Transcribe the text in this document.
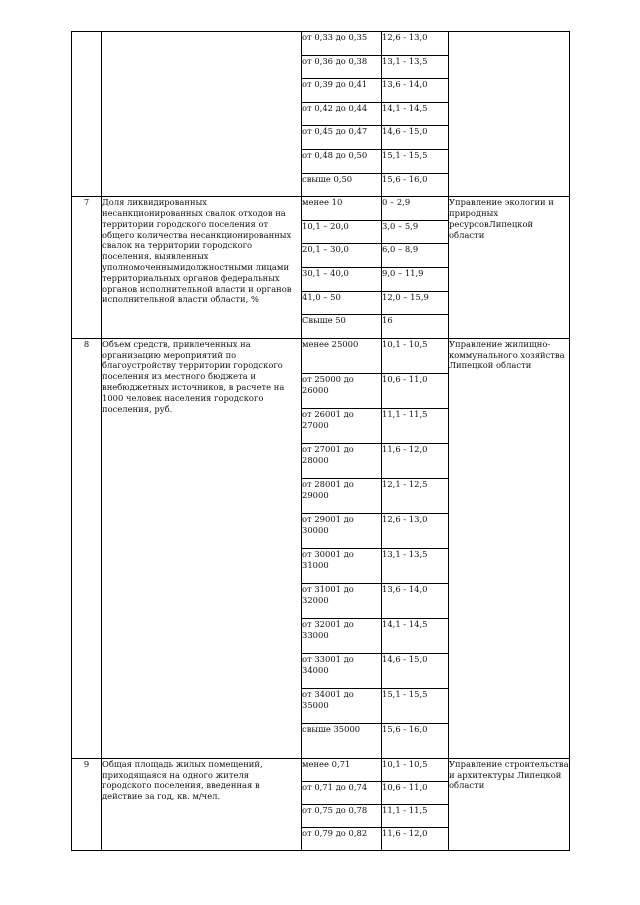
		от 0,33 до 0,35	12,6 - 13,0	
		от 0,36 до 0,38	13,1 - 13,5	
		от 0,39 до 0,41	13,6 - 14,0	
		от 0,42 до 0,44	14,1 - 14,5	
		от 0,45 до 0,47	14,6 - 15,0	
		от 0,48 до 0,50	15,1 - 15,5	
		свыше 0,50	15,6 - 16,0	
7	Доля ликвидированных несанкционированных свалок отходов на территории городского поселения от общего количества несанкционированных свалок на территории городского поселения, выявленных уполномоченнымидолжностными лицами территориальных органов федеральных органов исполнительной власти и органов исполнительной власти области, %	менее 10	0 – 2,9	Управление экологии и природных ресурсовЛипецкой области
		10,1 – 20,0	3,0 – 5,9	
		20,1 – 30,0	6,0 – 8,9	
		30,1 – 40,0	9,0 – 11,9	
		41,0 – 50	12,0 – 15,9	
		Свыше 50	16	
8	Объем средств, привлеченных на организацию мероприятий по благоустройству территории городского поселения из местного бюджета и внебюджетных источников, в расчете на 1000 человек населения городского поселения, руб.	менее 25000	10,1 - 10,5	Управление жилищно-коммунального хозяйства Липецкой области
		от 25000 до 26000	10,6 - 11,0	
		от 26001 до 27000	11,1 - 11,5	
		от 27001 до 28000	11,6 - 12,0	
		от 28001 до 29000	12,1 - 12,5	
		от 29001 до 30000	12,6 - 13,0	
		от 30001 до 31000	13,1 - 13,5	
		от 31001 до 32000	13,6 - 14,0	
		от 32001 до 33000	14,1 - 14,5	
		от 33001 до 34000	14,6 - 15,0	
		от 34001 до 35000	15,1 - 15,5	
		свыше 35000	15,6 - 16,0	
9	Общая площадь жилых помещений, приходящаяся на одного жителя городского поселения, введенная в действие за год, кв. м/чел.	менее 0,71	10,1 - 10,5	Управление строительства и архитектуры Липецкой области
		от 0,71 до 0,74	10,6 - 11,0	
		от 0,75 до 0,78	11,1 - 11,5	
		от 0,79 до 0,82	11,6 - 12,0	
